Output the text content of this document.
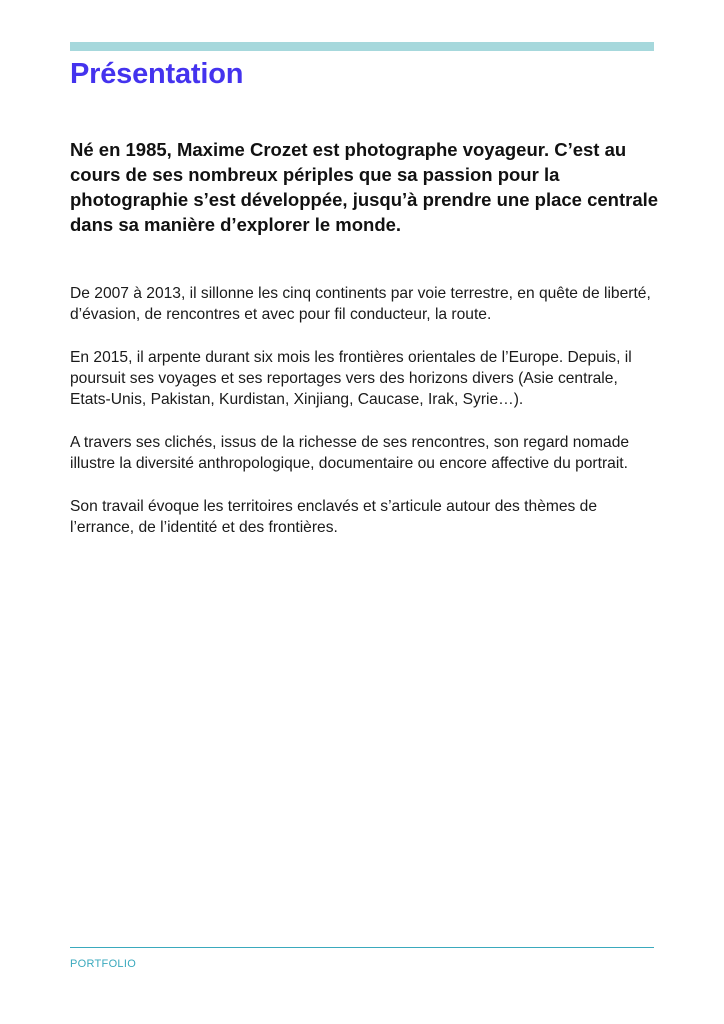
Présentation

Né en 1985, Maxime Crozet est photographe voyageur. C’est au cours de ses nombreux périples que sa passion pour la photographie s’est développée, jusqu’à prendre une place centrale dans sa manière d’explorer le monde.

De 2007 à 2013, il sillonne les cinq continents par voie terrestre, en quête de liberté, d’évasion, de rencontres et avec pour fil conducteur, la route.

En 2015, il arpente durant six mois les frontières orientales de l’Europe. Depuis, il poursuit ses voyages et ses reportages vers des horizons divers (Asie centrale, Etats-Unis, Pakistan, Kurdistan, Xinjiang, Caucase, Irak, Syrie…).

A travers ses clichés, issus de la richesse de ses rencontres, son regard nomade illustre la diversité anthropologique, documentaire ou encore affective du portrait.

Son travail évoque les territoires enclavés et s’articule autour des thèmes de l’errance, de l’identité et des frontières.

PORTFOLIO
